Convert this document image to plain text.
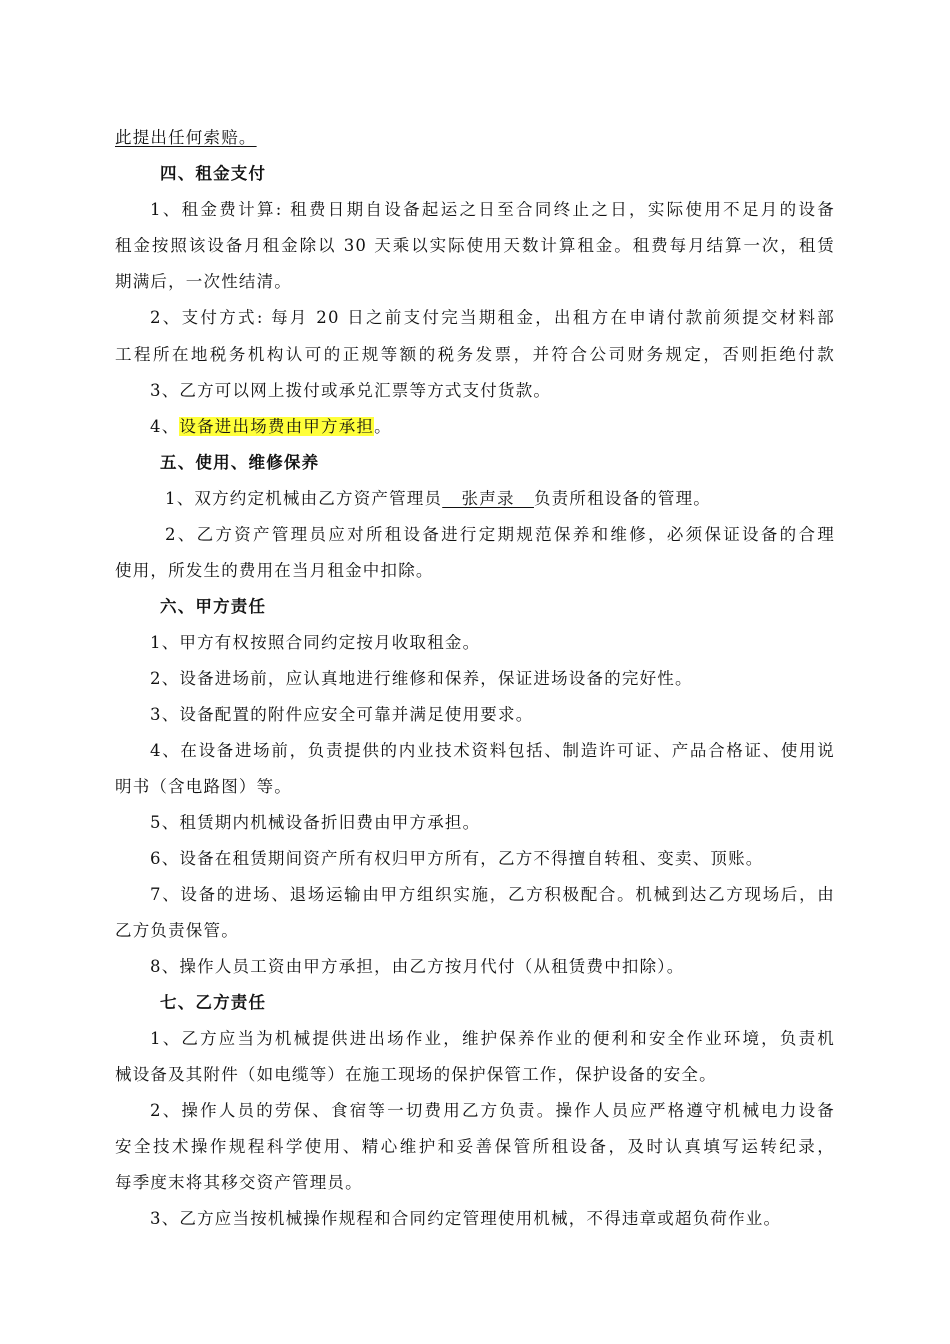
此提出任何索赔。
四、租金支付
1、租金费计算: 租费日期自设备起运之日至合同终止之日，实际使用不足月的设备
租金按照该设备月租金除以 30 天乘以实际使用天数计算租金。租费每月结算一次，租赁
期满后，一次性结清。
2、支付方式: 每月 20 日之前支付完当期租金，出租方在申请付款前须提交材料部
工程所在地税务机构认可的正规等额的税务发票，并符合公司财务规定，否则拒绝付款
3、乙方可以网上拨付或承兑汇票等方式支付货款。
4、设备进出场费由甲方承担。
五、使用、维修保养
1、双方约定机械由乙方资产管理员   张声录   负责所租设备的管理。
2、乙方资产管理员应对所租设备进行定期规范保养和维修，必须保证设备的合理
使用，所发生的费用在当月租金中扣除。
六、甲方责任
1、甲方有权按照合同约定按月收取租金。
2、设备进场前，应认真地进行维修和保养，保证进场设备的完好性。
3、设备配置的附件应安全可靠并满足使用要求。
4、在设备进场前，负责提供的内业技术资料包括、制造许可证、产品合格证、使用说
明书（含电路图）等。
5、租赁期内机械设备折旧费由甲方承担。
6、设备在租赁期间资产所有权归甲方所有，乙方不得擅自转租、变卖、顶账。
7、设备的进场、退场运输由甲方组织实施，乙方积极配合。机械到达乙方现场后，由
乙方负责保管。
8、操作人员工资由甲方承担，由乙方按月代付（从租赁费中扣除）。
七、乙方责任
1、乙方应当为机械提供进出场作业，维护保养作业的便利和安全作业环境，负责机
械设备及其附件（如电缆等）在施工现场的保护保管工作，保护设备的安全。
2、操作人员的劳保、食宿等一切费用乙方负责。操作人员应严格遵守机械电力设备
安全技术操作规程科学使用、精心维护和妥善保管所租设备，及时认真填写运转纪录，
每季度末将其移交资产管理员。
3、乙方应当按机械操作规程和合同约定管理使用机械，不得违章或超负荷作业。
